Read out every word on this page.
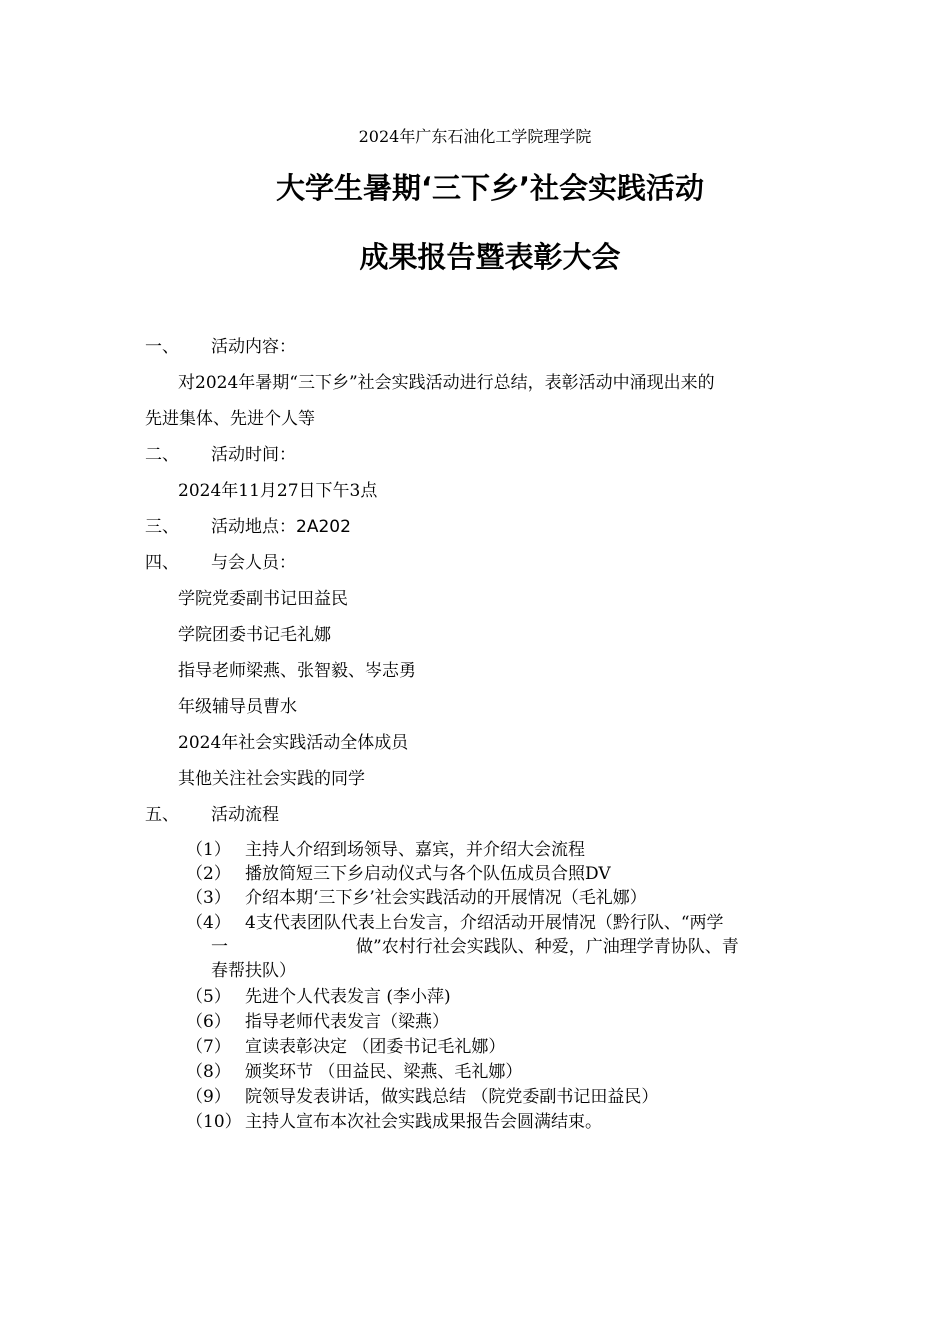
2024年广东石油化工学院理学院
大学生暑期‘三下乡’社会实践活动
成果报告暨表彰大会
一、 活动内容：
对2024年暑期“三下乡”社会实践活动进行总结，表彰活动中涌现出来的
先进集体、先进个人等
二、 活动时间：
2024年11月27日下午3点
三、 活动地点：2A202
四、 与会人员：
学院党委副书记田益民
学院团委书记毛礼娜
指导老师梁燕、张智毅、岑志勇
年级辅导员曹水
2024年社会实践活动全体成员
其他关注社会实践的同学
五、 活动流程
（1） 主持人介绍到场领导、嘉宾，并介绍大会流程
（2） 播放简短三下乡启动仪式与各个队伍成员合照DV
（3） 介绍本期‘三下乡’社会实践活动的开展情况（毛礼娜）
（4） 4支代表团队代表上台发言，介绍活动开展情况（黔行队、“两学
一	做”农村行社会实践队、种爱，广油理学青协队、青
春帮扶队）
（5） 先进个人代表发言 (李小萍)
（6） 指导老师代表发言（梁燕）
（7） 宣读表彰决定 （团委书记毛礼娜）
（8） 颁奖环节 （田益民、梁燕、毛礼娜）
（9） 院领导发表讲话，做实践总结 （院党委副书记田益民）
（10） 主持人宣布本次社会实践成果报告会圆满结束。
